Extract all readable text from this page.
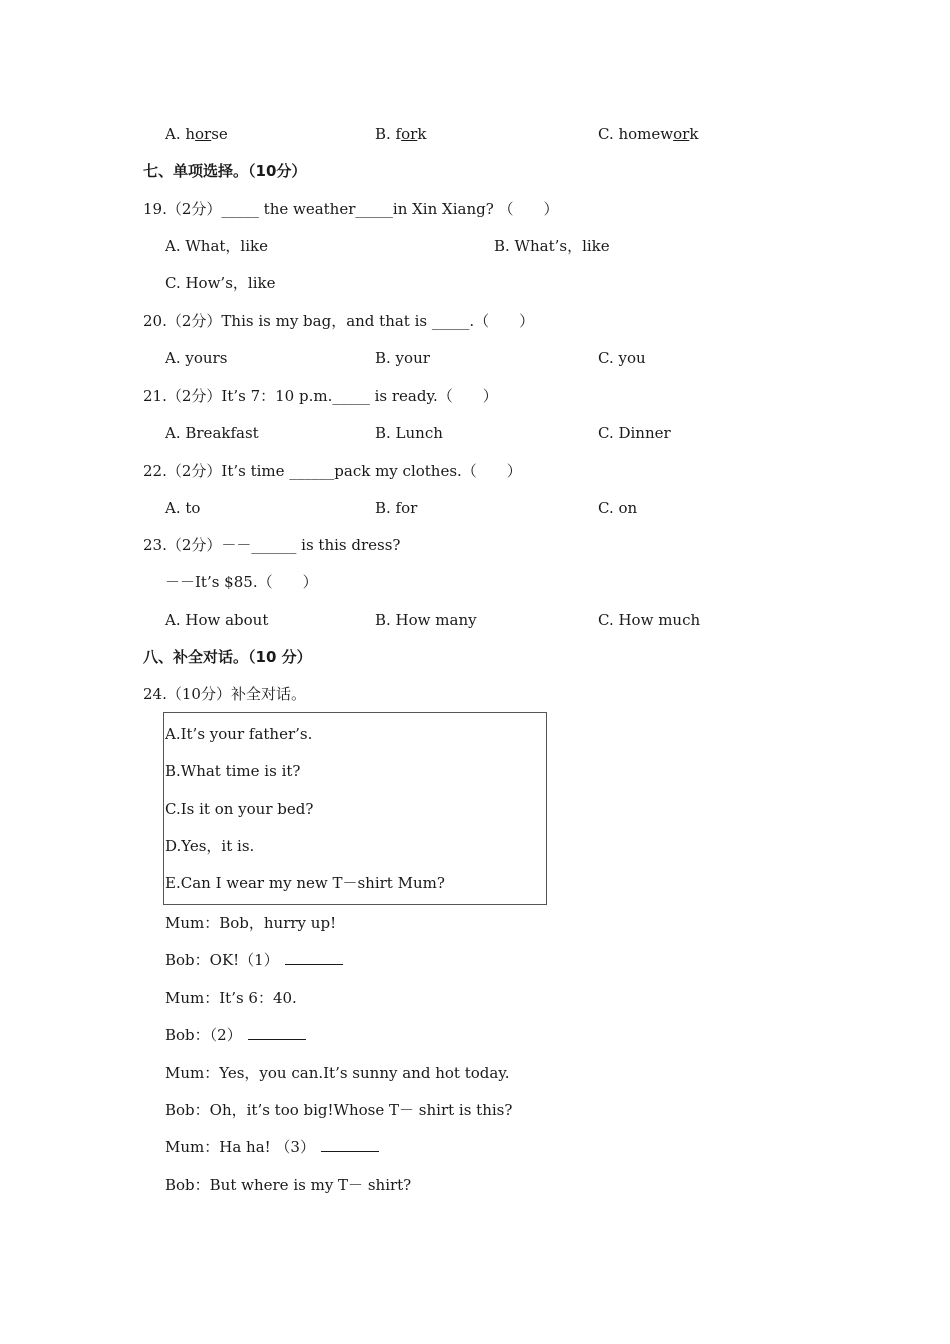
A. horse	B. fork	C. homework
七、单项选择。（10分）
19.（2分）_____ the weather_____in Xin Xiang? （　　）
A. What，like	B. What’s，like
C. How’s，like
20.（2分）This is my bag，and that is _____.（　　）
A. yours	B. your	C. you
21.（2分）It’s 7：10 p.m._____ is ready.（　　）
A. Breakfast	B. Lunch	C. Dinner
22.（2分）It’s time ______pack my clothes.（　　）
A. to	B. for	C. on
23.（2分）－－______ is this dress?
－－It’s $85.（　　）
A. How about	B. How many	C. How much
八、补全对话。（10 分）
24.（10分）补全对话。
A.It’s your father’s.
B.What time is it?
C.Is it on your bed?
D.Yes，it is.
E.Can I wear my new T－shirt Mum?
Mum：Bob，hurry up!
Bob：OK!（1）
Mum：It’s 6：40.
Bob：（2）
Mum：Yes，you can.It’s sunny and hot today.
Bob：Oh，it’s too big!Whose T－ shirt is this?
Mum：Ha ha! （3）
Bob：But where is my T－ shirt?
